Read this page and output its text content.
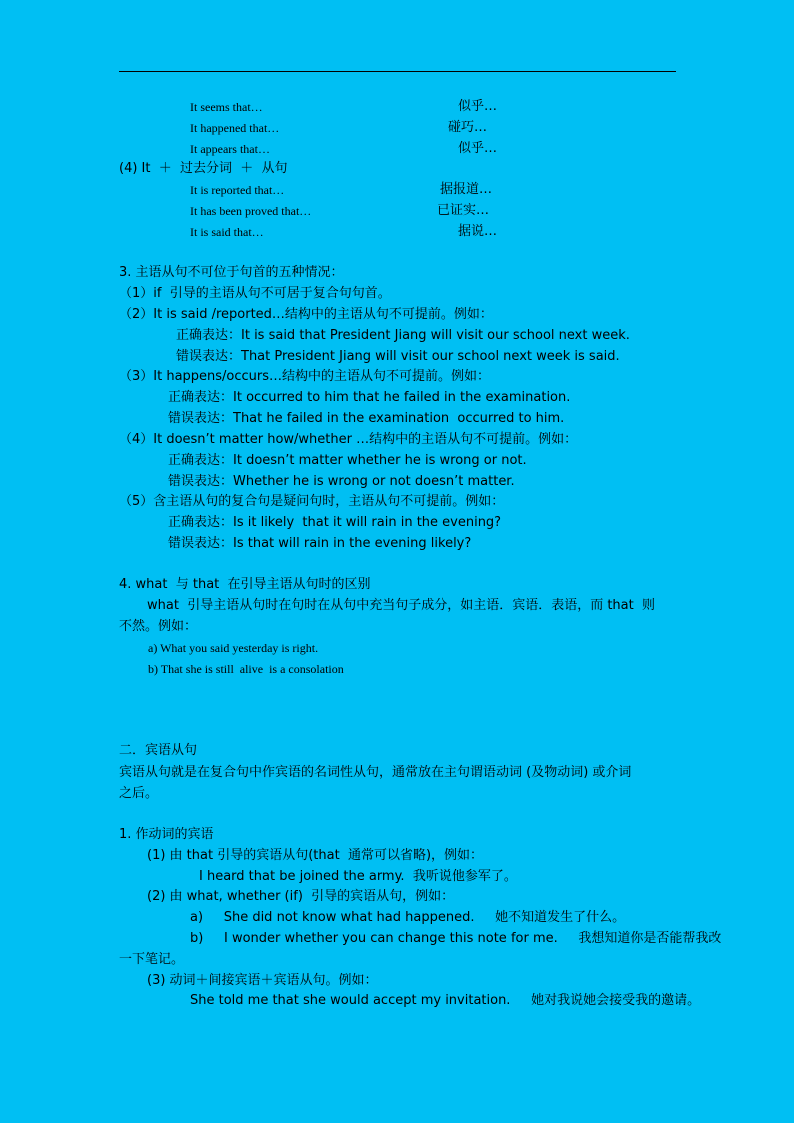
It seems that…	似乎…
It happened that…	碰巧…
It appears that…	似乎…
(4) It  ＋  过去分词  ＋  从句
It is reported that…	据报道…
It has been proved that…	已证实…
It is said that…	据说…
3. 主语从句不可位于句首的五种情况：
（1）if  引导的主语从句不可居于复合句句首。
（2）It is said /reported…结构中的主语从句不可提前。例如：
正确表达：It is said that President Jiang will visit our school next week.
错误表达：That President Jiang will visit our school next week is said.
（3）It happens/occurs…结构中的主语从句不可提前。例如：
正确表达：It occurred to him that he failed in the examination.
错误表达：That he failed in the examination  occurred to him.
（4）It doesn’t matter how/whether …结构中的主语从句不可提前。例如：
正确表达：It doesn’t matter whether he is wrong or not.
错误表达：Whether he is wrong or not doesn’t matter.
（5）含主语从句的复合句是疑问句时，主语从句不可提前。例如：
正确表达：Is it likely  that it will rain in the evening?
错误表达：Is that will rain in the evening likely?
4. what  与 that  在引导主语从句时的区别
what  引导主语从句时在句时在从句中充当句子成分，如主语．宾语．表语，而 that  则
不然。例如：
a) What you said yesterday is right.
b) That she is still  alive  is a consolation
二．宾语从句
宾语从句就是在复合句中作宾语的名词性从句，通常放在主句谓语动词 (及物动词) 或介词
之后。
1. 作动词的宾语
(1) 由 that 引导的宾语从句(that  通常可以省略)，例如：
I heard that be joined the army.  我听说他参军了。
(2) 由 what, whether (if)  引导的宾语从句，例如：
a)     She did not know what had happened.     她不知道发生了什么。
b)     I wonder whether you can change this note for me.     我想知道你是否能帮我改
一下笔记。
(3) 动词＋间接宾语＋宾语从句。例如：
She told me that she would accept my invitation.     她对我说她会接受我的邀请。
